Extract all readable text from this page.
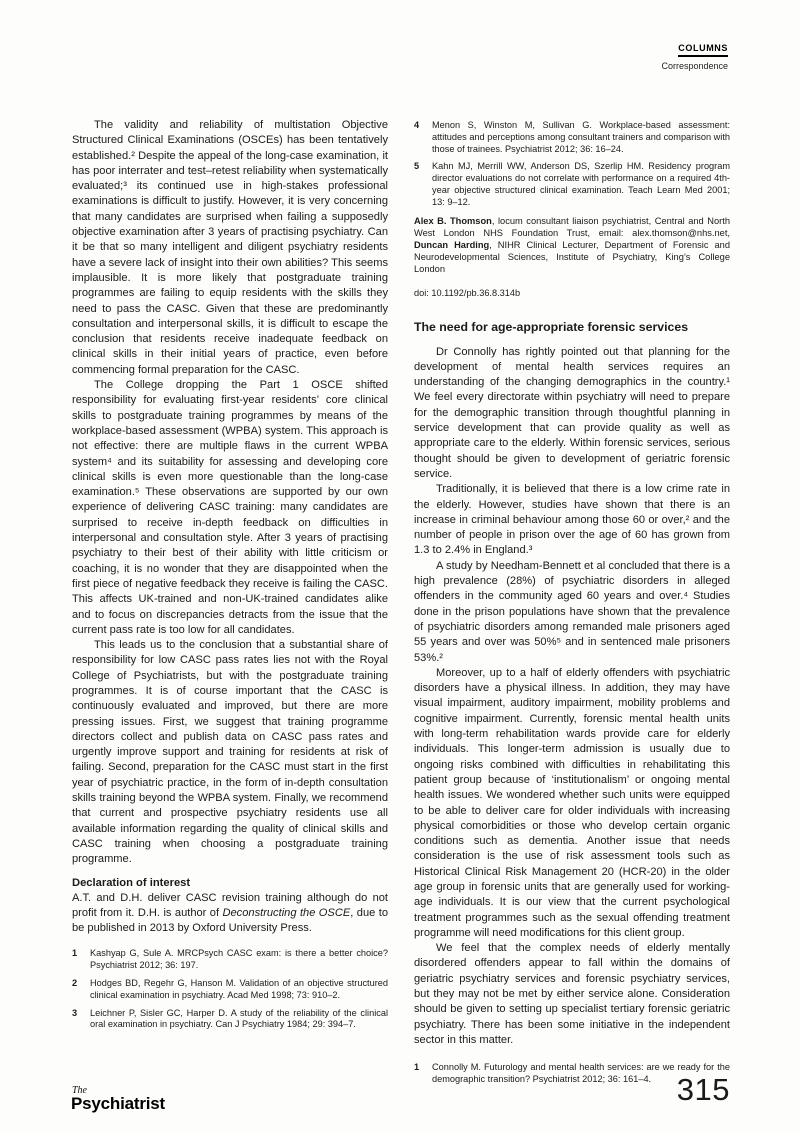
COLUMNS
Correspondence

The validity and reliability of multistation Objective Structured Clinical Examinations (OSCEs) has been tentatively established.² Despite the appeal of the long-case examination, it has poor interrater and test–retest reliability when systematically evaluated;³ its continued use in high-stakes professional examinations is difficult to justify. However, it is very concerning that many candidates are surprised when failing a supposedly objective examination after 3 years of practising psychiatry. Can it be that so many intelligent and diligent psychiatry residents have a severe lack of insight into their own abilities? This seems implausible. It is more likely that postgraduate training programmes are failing to equip residents with the skills they need to pass the CASC. Given that these are predominantly consultation and interpersonal skills, it is difficult to escape the conclusion that residents receive inadequate feedback on clinical skills in their initial years of practice, even before commencing formal preparation for the CASC.

The College dropping the Part 1 OSCE shifted responsibility for evaluating first-year residents’ core clinical skills to postgraduate training programmes by means of the workplace-based assessment (WPBA) system. This approach is not effective: there are multiple flaws in the current WPBA system⁴ and its suitability for assessing and developing core clinical skills is even more questionable than the long-case examination.⁵ These observations are supported by our own experience of delivering CASC training: many candidates are surprised to receive in-depth feedback on difficulties in interpersonal and consultation style. After 3 years of practising psychiatry to their best of their ability with little criticism or coaching, it is no wonder that they are disappointed when the first piece of negative feedback they receive is failing the CASC. This affects UK-trained and non-UK-trained candidates alike and to focus on discrepancies detracts from the issue that the current pass rate is too low for all candidates.

This leads us to the conclusion that a substantial share of responsibility for low CASC pass rates lies not with the Royal College of Psychiatrists, but with the postgraduate training programmes. It is of course important that the CASC is continuously evaluated and improved, but there are more pressing issues. First, we suggest that training programme directors collect and publish data on CASC pass rates and urgently improve support and training for residents at risk of failing. Second, preparation for the CASC must start in the first year of psychiatric practice, in the form of in-depth consultation skills training beyond the WPBA system. Finally, we recommend that current and prospective psychiatry residents use all available information regarding the quality of clinical skills and CASC training when choosing a postgraduate training programme.

Declaration of interest

A.T. and D.H. deliver CASC revision training although do not profit from it. D.H. is author of Deconstructing the OSCE, due to be published in 2013 by Oxford University Press.

1	Kashyap G, Sule A. MRCPsych CASC exam: is there a better choice? Psychiatrist 2012; 36: 197.
2	Hodges BD, Regehr G, Hanson M. Validation of an objective structured clinical examination in psychiatry. Acad Med 1998; 73: 910–2.
3	Leichner P, Sisler GC, Harper D. A study of the reliability of the clinical oral examination in psychiatry. Can J Psychiatry 1984; 29: 394–7.
4	Menon S, Winston M, Sullivan G. Workplace-based assessment: attitudes and perceptions among consultant trainers and comparison with those of trainees. Psychiatrist 2012; 36: 16–24.
5	Kahn MJ, Merrill WW, Anderson DS, Szerlip HM. Residency program director evaluations do not correlate with performance on a required 4th-year objective structured clinical examination. Teach Learn Med 2001; 13: 9–12.

Alex B. Thomson, locum consultant liaison psychiatrist, Central and North West London NHS Foundation Trust, email: alex.thomson@nhs.net, Duncan Harding, NIHR Clinical Lecturer, Department of Forensic and Neurodevelopmental Sciences, Institute of Psychiatry, King’s College London

doi: 10.1192/pb.36.8.314b

The need for age-appropriate forensic services

Dr Connolly has rightly pointed out that planning for the development of mental health services requires an understanding of the changing demographics in the country.¹ We feel every directorate within psychiatry will need to prepare for the demographic transition through thoughtful planning in service development that can provide quality as well as appropriate care to the elderly. Within forensic services, serious thought should be given to development of geriatric forensic service.

Traditionally, it is believed that there is a low crime rate in the elderly. However, studies have shown that there is an increase in criminal behaviour among those 60 or over,² and the number of people in prison over the age of 60 has grown from 1.3 to 2.4% in England.³

A study by Needham-Bennett et al concluded that there is a high prevalence (28%) of psychiatric disorders in alleged offenders in the community aged 60 years and over.⁴ Studies done in the prison populations have shown that the prevalence of psychiatric disorders among remanded male prisoners aged 55 years and over was 50%⁵ and in sentenced male prisoners 53%.²

Moreover, up to a half of elderly offenders with psychiatric disorders have a physical illness. In addition, they may have visual impairment, auditory impairment, mobility problems and cognitive impairment. Currently, forensic mental health units with long-term rehabilitation wards provide care for elderly individuals. This longer-term admission is usually due to ongoing risks combined with difficulties in rehabilitating this patient group because of ‘institutionalism’ or ongoing mental health issues. We wondered whether such units were equipped to be able to deliver care for older individuals with increasing physical comorbidities or those who develop certain organic conditions such as dementia. Another issue that needs consideration is the use of risk assessment tools such as Historical Clinical Risk Management 20 (HCR-20) in the older age group in forensic units that are generally used for working-age individuals. It is our view that the current psychological treatment programmes such as the sexual offending treatment programme will need modifications for this client group.

We feel that the complex needs of elderly mentally disordered offenders appear to fall within the domains of geriatric psychiatry services and forensic psychiatry services, but they may not be met by either service alone. Consideration should be given to setting up specialist tertiary forensic geriatric psychiatry. There has been some initiative in the independent sector in this matter.

1	Connolly M. Futurology and mental health services: are we ready for the demographic transition? Psychiatrist 2012; 36: 161–4.
The
Psychiatrist	315
